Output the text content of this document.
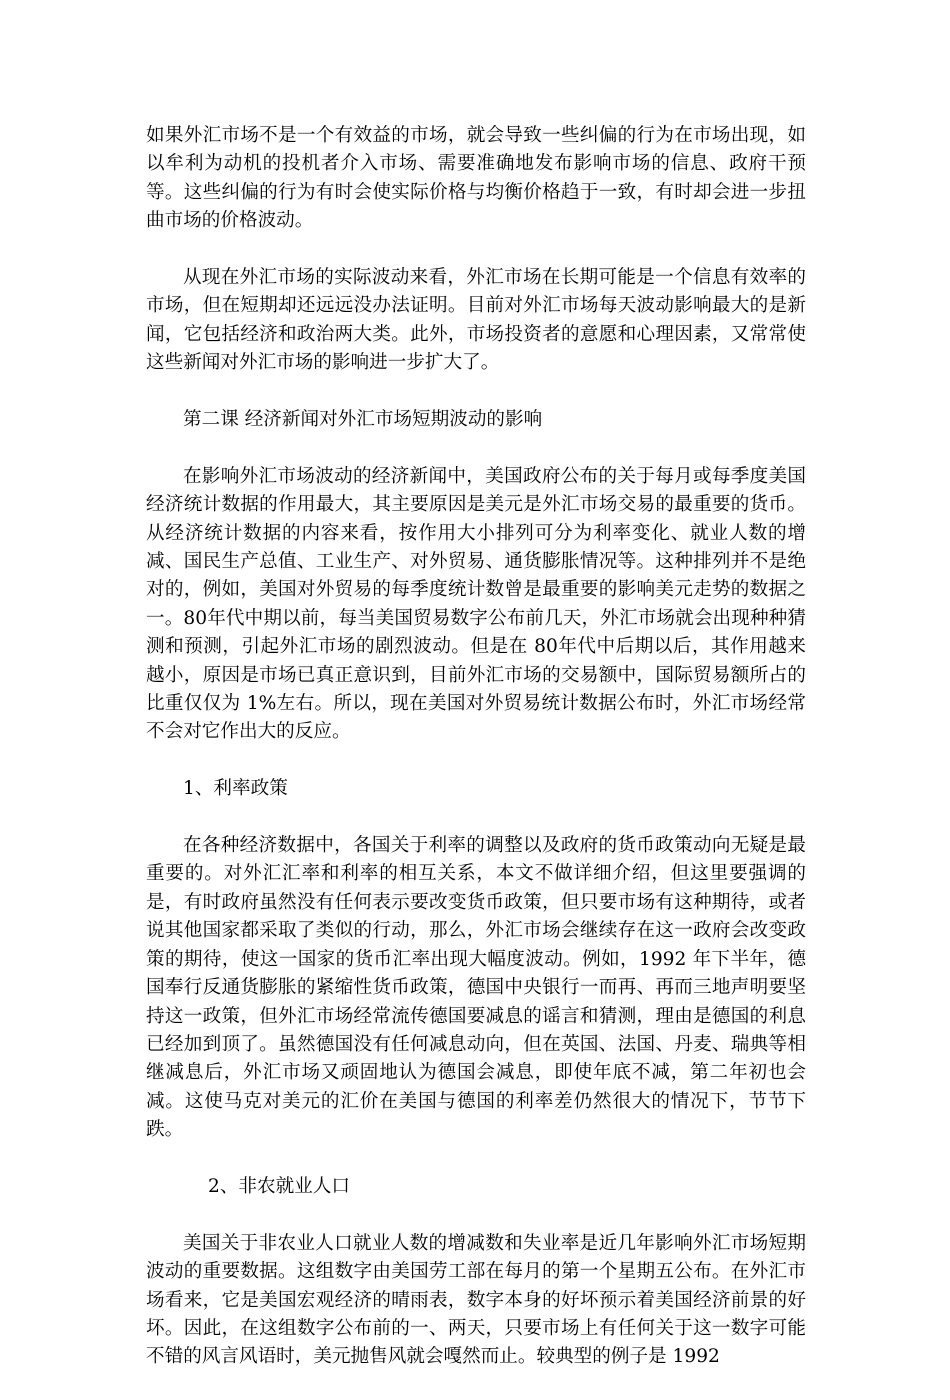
如果外汇市场不是一个有效益的市场，就会导致一些纠偏的行为在市场出现，如以牟利为动机的投机者介入市场、需要准确地发布影响市场的信息、政府干预等。这些纠偏的行为有时会使实际价格与均衡价格趋于一致，有时却会进一步扭曲市场的价格波动。

从现在外汇市场的实际波动来看，外汇市场在长期可能是一个信息有效率的市场，但在短期却还远远没办法证明。目前对外汇市场每天波动影响最大的是新闻，它包括经济和政治两大类。此外，市场投资者的意愿和心理因素，又常常使这些新闻对外汇市场的影响进一步扩大了。

第二课 经济新闻对外汇市场短期波动的影响

在影响外汇市场波动的经济新闻中，美国政府公布的关于每月或每季度美国经济统计数据的作用最大，其主要原因是美元是外汇市场交易的最重要的货币。从经济统计数据的内容来看，按作用大小排列可分为利率变化、就业人数的增减、国民生产总值、工业生产、对外贸易、通货膨胀情况等。这种排列并不是绝对的，例如，美国对外贸易的每季度统计数曾是最重要的影响美元走势的数据之一。80年代中期以前，每当美国贸易数字公布前几天，外汇市场就会出现种种猜测和预测，引起外汇市场的剧烈波动。但是在 80年代中后期以后，其作用越来越小，原因是市场已真正意识到，目前外汇市场的交易额中，国际贸易额所占的比重仅仅为 1%左右。所以，现在美国对外贸易统计数据公布时，外汇市场经常不会对它作出大的反应。

1、利率政策

在各种经济数据中，各国关于利率的调整以及政府的货币政策动向无疑是最重要的。对外汇汇率和利率的相互关系，本文不做详细介绍，但这里要强调的是，有时政府虽然没有任何表示要改变货币政策，但只要市场有这种期待，或者说其他国家都采取了类似的行动，那么，外汇市场会继续存在这一政府会改变政策的期待，使这一国家的货币汇率出现大幅度波动。例如，1992 年下半年，德国奉行反通货膨胀的紧缩性货币政策，德国中央银行一而再、再而三地声明要坚持这一政策，但外汇市场经常流传德国要减息的谣言和猜测，理由是德国的利息已经加到顶了。虽然德国没有任何减息动向，但在英国、法国、丹麦、瑞典等相继减息后，外汇市场又顽固地认为德国会减息，即使年底不减，第二年初也会减。这使马克对美元的汇价在美国与德国的利率差仍然很大的情况下，节节下跌。

2、非农就业人口

美国关于非农业人口就业人数的增减数和失业率是近几年影响外汇市场短期波动的重要数据。这组数字由美国劳工部在每月的第一个星期五公布。在外汇市场看来，它是美国宏观经济的晴雨表，数字本身的好坏预示着美国经济前景的好坏。因此，在这组数字公布前的一、两天，只要市场上有任何关于这一数字可能不错的风言风语时，美元抛售风就会嘎然而止。较典型的例子是 1992
